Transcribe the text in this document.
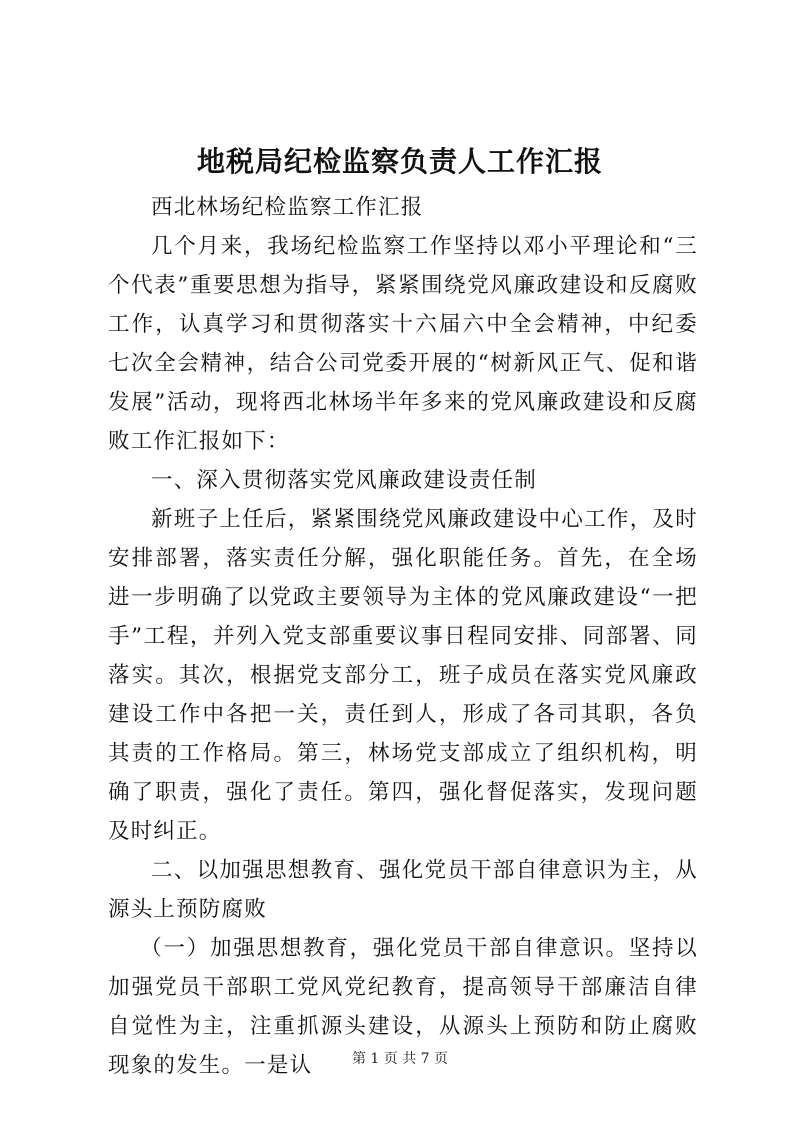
地税局纪检监察负责人工作汇报

西北林场纪检监察工作汇报

几个月来，我场纪检监察工作坚持以邓小平理论和“三个代表”重要思想为指导，紧紧围绕党风廉政建设和反腐败工作，认真学习和贯彻落实十六届六中全会精神，中纪委七次全会精神，结合公司党委开展的“树新风正气、促和谐发展”活动，现将西北林场半年多来的党风廉政建设和反腐败工作汇报如下：

一、深入贯彻落实党风廉政建设责任制

新班子上任后，紧紧围绕党风廉政建设中心工作，及时安排部署，落实责任分解，强化职能任务。首先，在全场进一步明确了以党政主要领导为主体的党风廉政建设“一把手”工程，并列入党支部重要议事日程同安排、同部署、同落实。其次，根据党支部分工，班子成员在落实党风廉政建设工作中各把一关，责任到人，形成了各司其职，各负其责的工作格局。第三，林场党支部成立了组织机构，明确了职责，强化了责任。第四，强化督促落实，发现问题及时纠正。

二、以加强思想教育、强化党员干部自律意识为主，从源头上预防腐败

（一）加强思想教育，强化党员干部自律意识。坚持以加强党员干部职工党风党纪教育，提高领导干部廉洁自律自觉性为主，注重抓源头建设，从源头上预防和防止腐败现象的发生。一是认	第 1 页 共 7 页
